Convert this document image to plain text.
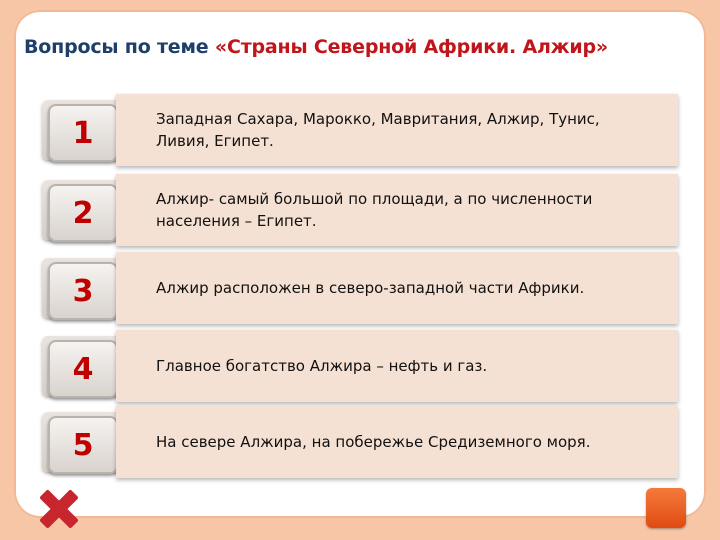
Вопросы по теме «Страны Северной Африки. Алжир»
1	Западная Сахара, Марокко, Мавритания, Алжир, Тунис,
Ливия, Египет.
2	Алжир- самый большой по площади, а по численности
населения – Египет.
3	Алжир расположен в северо-западной части Африки.
4	Главное богатство Алжира – нефть и газ.
5	На севере Алжира, на побережье Средиземного моря.
